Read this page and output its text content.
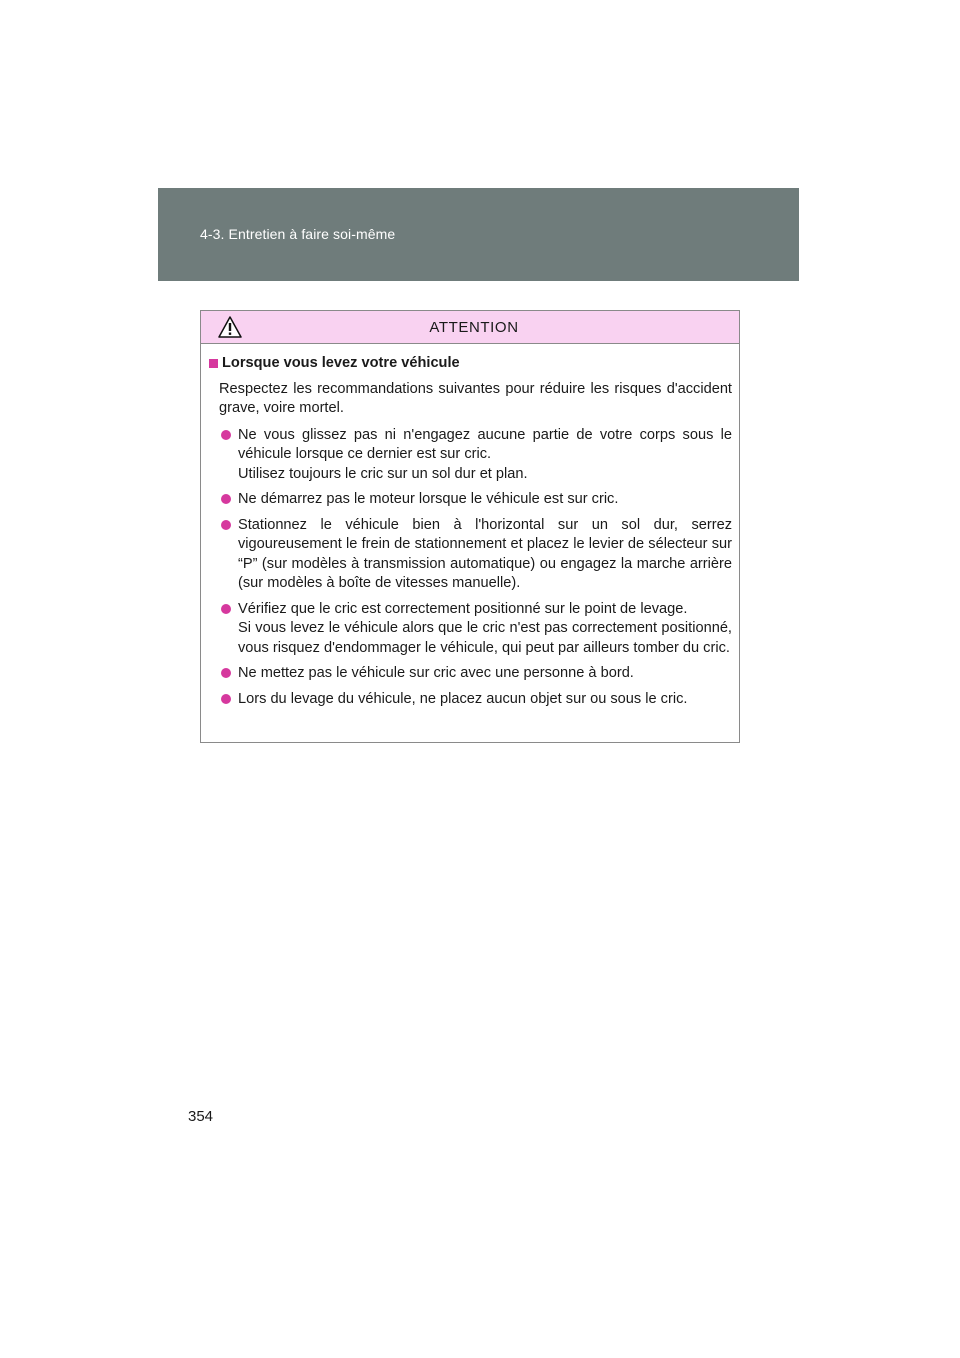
4-3. Entretien à faire soi-même
ATTENTION
Lorsque vous levez votre véhicule
Respectez les recommandations suivantes pour réduire les risques d'accident grave, voire mortel.
Ne vous glissez pas ni n'engagez aucune partie de votre corps sous le véhicule lorsque ce dernier est sur cric.
Utilisez toujours le cric sur un sol dur et plan.
Ne démarrez pas le moteur lorsque le véhicule est sur cric.
Stationnez le véhicule bien à l'horizontal sur un sol dur, serrez vigoureusement le frein de stationnement et placez le levier de sélecteur sur “P” (sur modèles à transmission automatique) ou engagez la marche arrière (sur modèles à boîte de vitesses manuelle).
Vérifiez que le cric est correctement positionné sur le point de levage.
Si vous levez le véhicule alors que le cric n'est pas correctement positionné, vous risquez d'endommager le véhicule, qui peut par ailleurs tomber du cric.
Ne mettez pas le véhicule sur cric avec une personne à bord.
Lors du levage du véhicule, ne placez aucun objet sur ou sous le cric.
354
